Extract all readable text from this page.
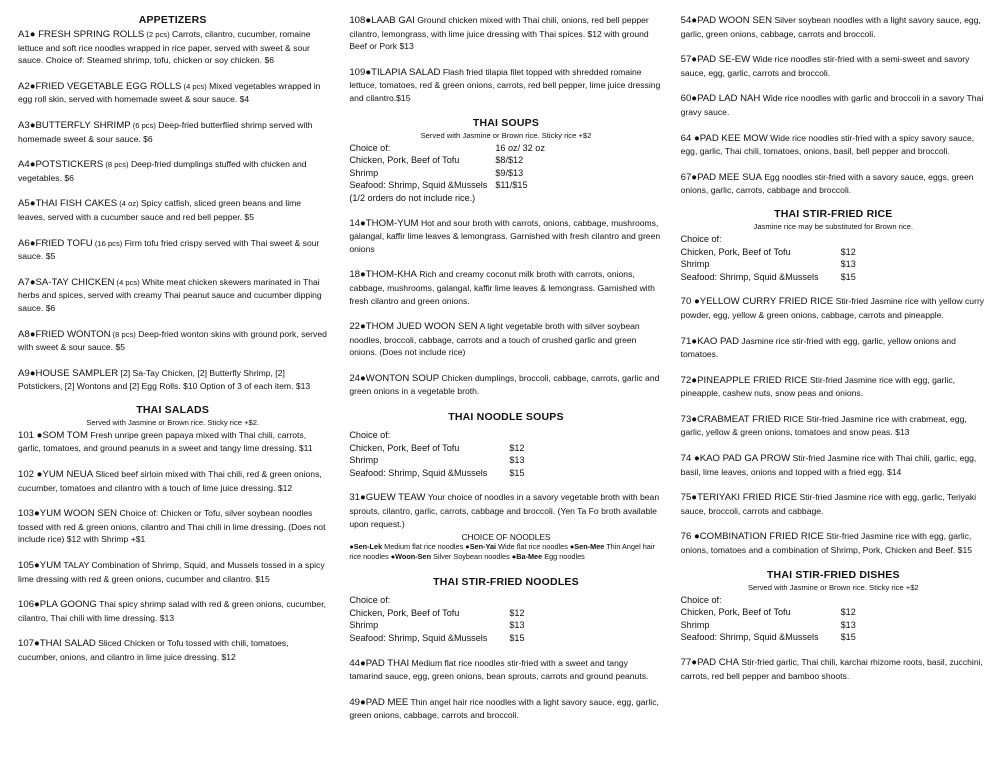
APPETIZERS
A1● FRESH SPRING ROLLS (2 pcs) Carrots, cilantro, cucumber, romaine lettuce and soft rice noodles wrapped in rice paper, served with sweet & sour sauce. Choice of: Steamed shrimp, tofu, chicken or soy chicken. $6
A2●FRIED VEGETABLE EGG ROLLS (4 pcs) Mixed vegetables wrapped in egg roll skin, served with homemade sweet & sour sauce. $4
A3●BUTTERFLY SHRIMP (6 pcs) Deep-fried butterflied shrimp served with homemade sweet & sour sauce. $6
A4●POTSTICKERS (8 pcs) Deep-fried dumplings stuffed with chicken and vegetables. $6
A5●THAI FISH CAKES (4 oz) Spicy catfish, sliced green beans and lime leaves, served with a cucumber sauce and red bell pepper. $5
A6●FRIED TOFU (16 pcs) Firm tofu fried crispy served with Thai sweet & sour sauce. $5
A7●SA-TAY CHICKEN (4 pcs) White meat chicken skewers marinated in Thai herbs and spices, served with creamy Thai peanut sauce and cucumber dipping sauce. $6
A8●FRIED WONTON (8 pcs) Deep-fried wonton skins with ground pork, served with sweet & sour sauce. $5
A9●HOUSE SAMPLER [2] Sa-Tay Chicken, [2] Butterfly Shrimp, [2] Potstickers, [2] Wontons and [2] Egg Rolls. $10 Option of 3 of each item. $13
THAI SALADS
Served with Jasmine or Brown rice. Sticky rice +$2.
101 ●SOM TOM Fresh unripe green papaya mixed with Thai chili, carrots, garlic, tomatoes, and ground peanuts in a sweet and tangy lime dressing. $11
102 ●YUM NEUA Sliced beef sirloin mixed with Thai chili, red & green onions, cucumber, tomatoes and cilantro with a touch of lime juice dressing. $12
103●YUM WOON SEN Choice of: Chicken or Tofu, silver soybean noodles tossed with red & green onions, cilantro and Thai chili in lime dressing. (Does not include rice) $12 with Shrimp +$1
105●YUM TALAY Combination of Shrimp, Squid, and Mussels tossed in a spicy lime dressing with red & green onions, cucumber and cilantro. $15
106●PLA GOONG Thai spicy shrimp salad with red & green onions, cucumber, cilantro, Thai chili with lime dressing. $13
107●THAI SALAD Sliced Chicken or Tofu tossed with chili, tomatoes, cucumber, onions, and cilantro in lime juice dressing. $12
108●LAAB GAI Ground chicken mixed with Thai chili, onions, red bell pepper cilantro, lemongrass, with lime juice dressing with Thai spices. $12 with ground Beef or Pork $13
109●TILAPIA SALAD Flash fried tilapia filet topped with shredded romaine lettuce, tomatoes, red & green onions, carrots, red bell pepper, lime juice dressing and cilantro.$15
THAI SOUPS
Served with Jasmine or Brown rice. Sticky rice +$2
Choice of:	16 oz/ 32 oz
Chicken, Pork, Beef of Tofu	$8/$12
Shrimp	$9/$13
Seafood: Shrimp, Squid &Mussels $11/$15
(1/2 orders do not include rice.)
14●THOM-YUM Hot and sour broth with carrots, onions, cabbage, mushrooms, galangal, kaffir lime leaves & lemongrass. Garnished with fresh cilantro and green onions
18●THOM-KHA Rich and creamy coconut milk broth with carrots, onions, cabbage, mushrooms, galangal, kaffir lime leaves & lemongrass. Garnished with fresh cilantro and green onions.
22●THOM JUED WOON SEN A light vegetable broth with silver soybean noodles, broccoli, cabbage, carrots and a touch of crushed garlic and green onions. (Does not include rice)
24●WONTON SOUP Chicken dumplings, broccoli, cabbage, carrots, garlic and green onions in a vegetable broth.
THAI NOODLE SOUPS
Choice of:
Chicken, Pork, Beef of Tofu	$12
Shrimp	$13
Seafood: Shrimp, Squid &Mussels	$15
31●GUEW TEAW Your choice of noodles in a savory vegetable broth with bean sprouts, cilantro, garlic, carrots, cabbage and broccoli. (Yen Ta Fo broth available upon request.)
CHOICE OF NOODLES
●Sen-Lek Medium flat rice noodles ●Sen-Yai Wide flat rice noodles ●Sen-Mee Thin Angel hair rice noodles ●Woon-Sen Silver Soybean noodles ●Ba-Mee Egg noodles
THAI STIR-FRIED NOODLES
Choice of:
Chicken, Pork, Beef of Tofu	$12
Shrimp	$13
Seafood: Shrimp, Squid &Mussels	$15
44●PAD THAI Medium flat rice noodles stir-fried with a sweet and tangy tamarind sauce, egg, green onions, bean sprouts, carrots and ground peanuts.
49●PAD MEE Thin angel hair rice noodles with a light savory sauce, egg, garlic, green onions, cabbage, carrots and broccoli.
54●PAD WOON SEN Silver soybean noodles with a light savory sauce, egg, garlic, green onions, cabbage, carrots and broccoli.
57●PAD SE-EW Wide rice noodles stir-fried with a semi-sweet and savory sauce, egg, garlic, carrots and broccoli.
60●PAD LAD NAH Wide rice noodles with garlic and broccoli in a savory Thai gravy sauce.
64 ●PAD KEE MOW Wide rice noodles stir-fried with a spicy savory sauce, egg, garlic, Thai chili, tomatoes, onions, basil, bell pepper and broccoli.
67●PAD MEE SUA Egg noodles stir-fried with a savory sauce, eggs, green onions, garlic, carrots, cabbage and broccoli.
THAI STIR-FRIED RICE
Jasmine rice may be substituted for Brown rice.
Choice of:
Chicken, Pork, Beef of Tofu	$12
Shrimp	$13
Seafood: Shrimp, Squid &Mussels	$15
70 ●YELLOW CURRY FRIED RICE Stir-fried Jasmine rice with yellow curry powder, egg, yellow & green onions, cabbage, carrots and pineapple.
71●KAO PAD Jasmine rice stir-fried with egg, garlic, yellow onions and tomatoes.
72●PINEAPPLE FRIED RICE Stir-fried Jasmine rice with egg, garlic, pineapple, cashew nuts, snow peas and onions.
73●CRABMEAT FRIED RICE Stir-fried Jasmine rice with crabmeat, egg, garlic, yellow & green onions, tomatoes and snow peas. $13
74 ●KAO PAD GA PROW Stir-fried Jasmine rice with Thai chili, garlic, egg, basil, lime leaves, onions and topped with a fried egg. $14
75●TERIYAKI FRIED RICE Stir-fried Jasmine rice with egg, garlic, Teriyaki sauce, broccoli, carrots and cabbage.
76 ●COMBINATION FRIED RICE Stir-fried Jasmine rice with egg, garlic, onions, tomatoes and a combination of Shrimp, Pork, Chicken and Beef. $15
THAI STIR-FRIED DISHES
Served with Jasmine or Brown rice. Sticky rice +$2
Choice of:
Chicken, Pork, Beef of Tofu	$12
Shrimp	$13
Seafood: Shrimp, Squid &Mussels	$15
77●PAD CHA Stir-fried garlic, Thai chili, karchai rhizome roots, basil, zucchini, carrots, red bell pepper and bamboo shoots.
